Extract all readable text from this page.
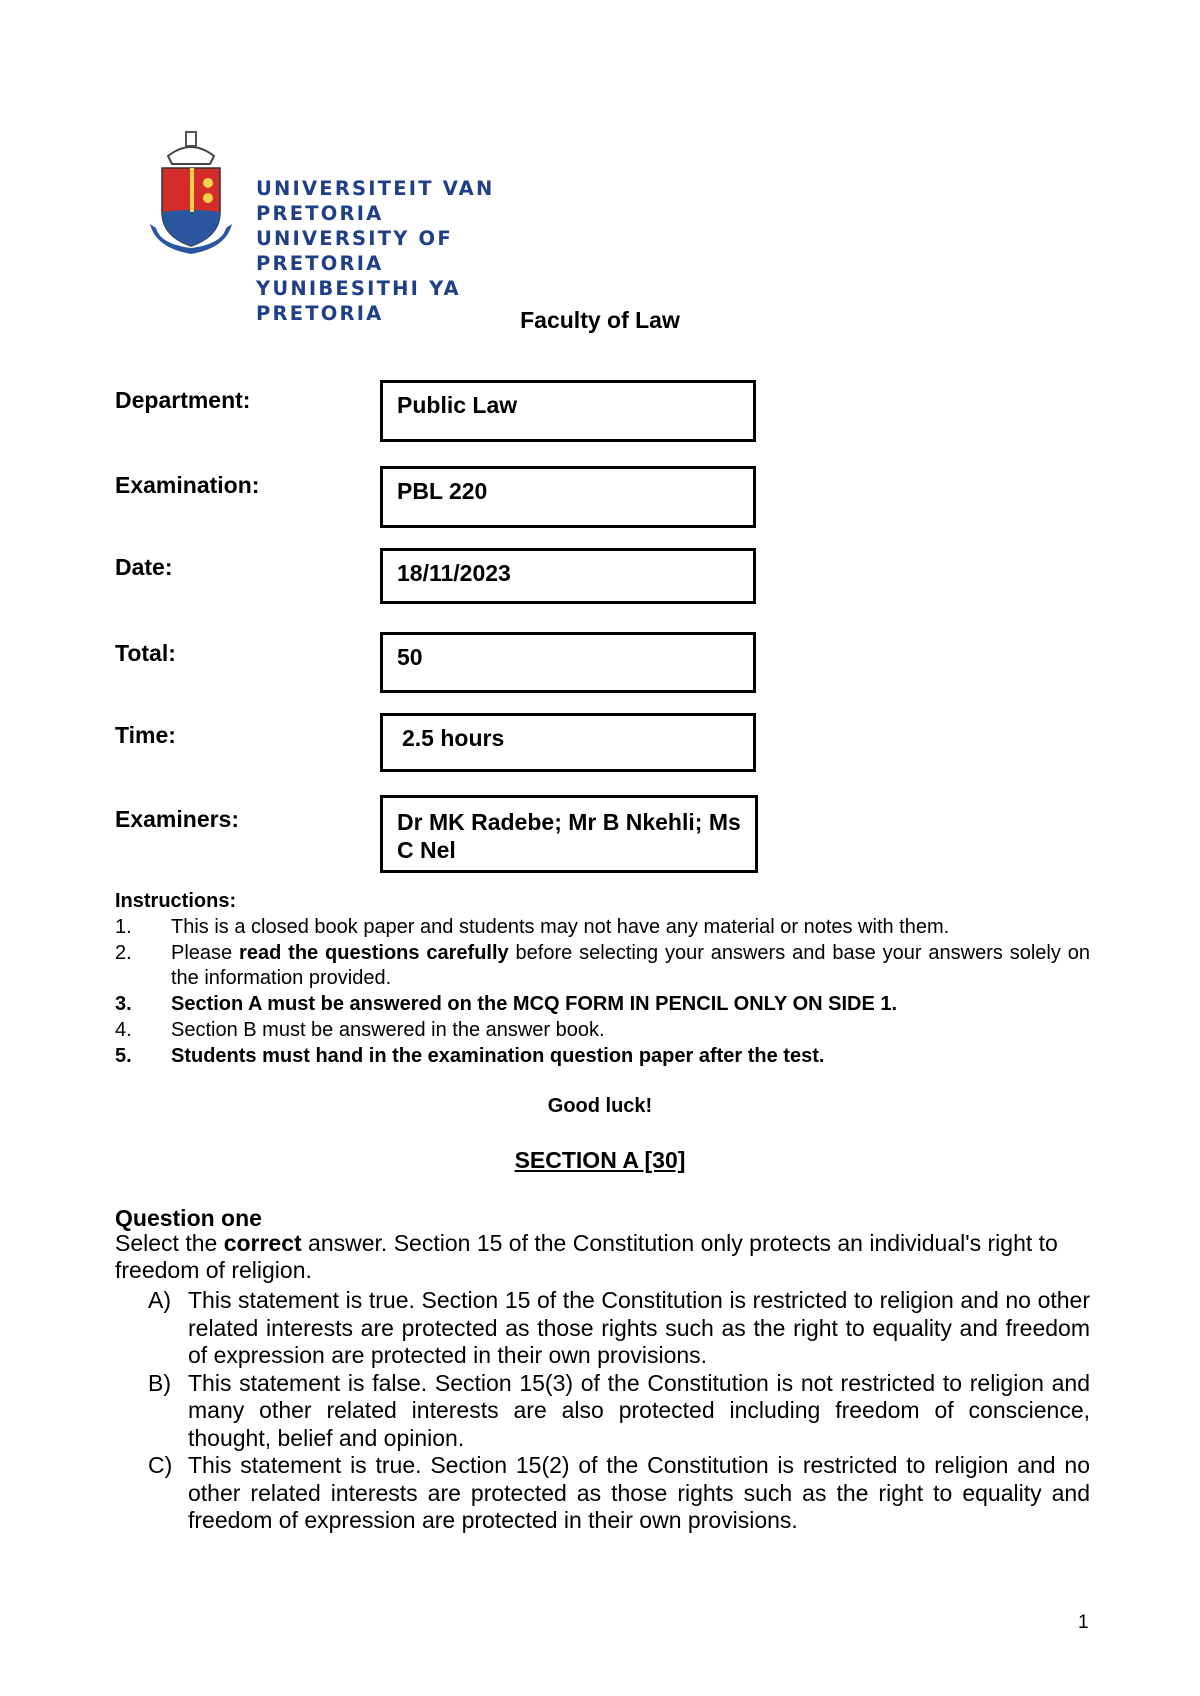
UNIVERSITEIT VAN PRETORIA
UNIVERSITY OF PRETORIA
YUNIBESITHI YA PRETORIA	Faculty of Law
Department:	Public Law
Examination:	PBL 220
Date:	18/11/2023
Total:	50
Time:	2.5 hours
Examiners:	Dr MK Radebe; Mr B Nkehli; Ms C Nel
Instructions:
1.	This is a closed book paper and students may not have any material or notes with them.
2.	Please read the questions carefully before selecting your answers and base your answers solely on the information provided.
3.	Section A must be answered on the MCQ FORM IN PENCIL ONLY ON SIDE 1.
4.	Section B must be answered in the answer book.
5.	Students must hand in the examination question paper after the test.
Good luck!
SECTION A [30]
Question one
Select the correct answer. Section 15 of the Constitution only protects an individual's right to freedom of religion.
A) This statement is true. Section 15 of the Constitution is restricted to religion and no other related interests are protected as those rights such as the right to equality and freedom of expression are protected in their own provisions.
B) This statement is false. Section 15(3) of the Constitution is not restricted to religion and many other related interests are also protected including freedom of conscience, thought, belief and opinion.
C) This statement is true. Section 15(2) of the Constitution is restricted to religion and no other related interests are protected as those rights such as the right to equality and freedom of expression are protected in their own provisions.
1
